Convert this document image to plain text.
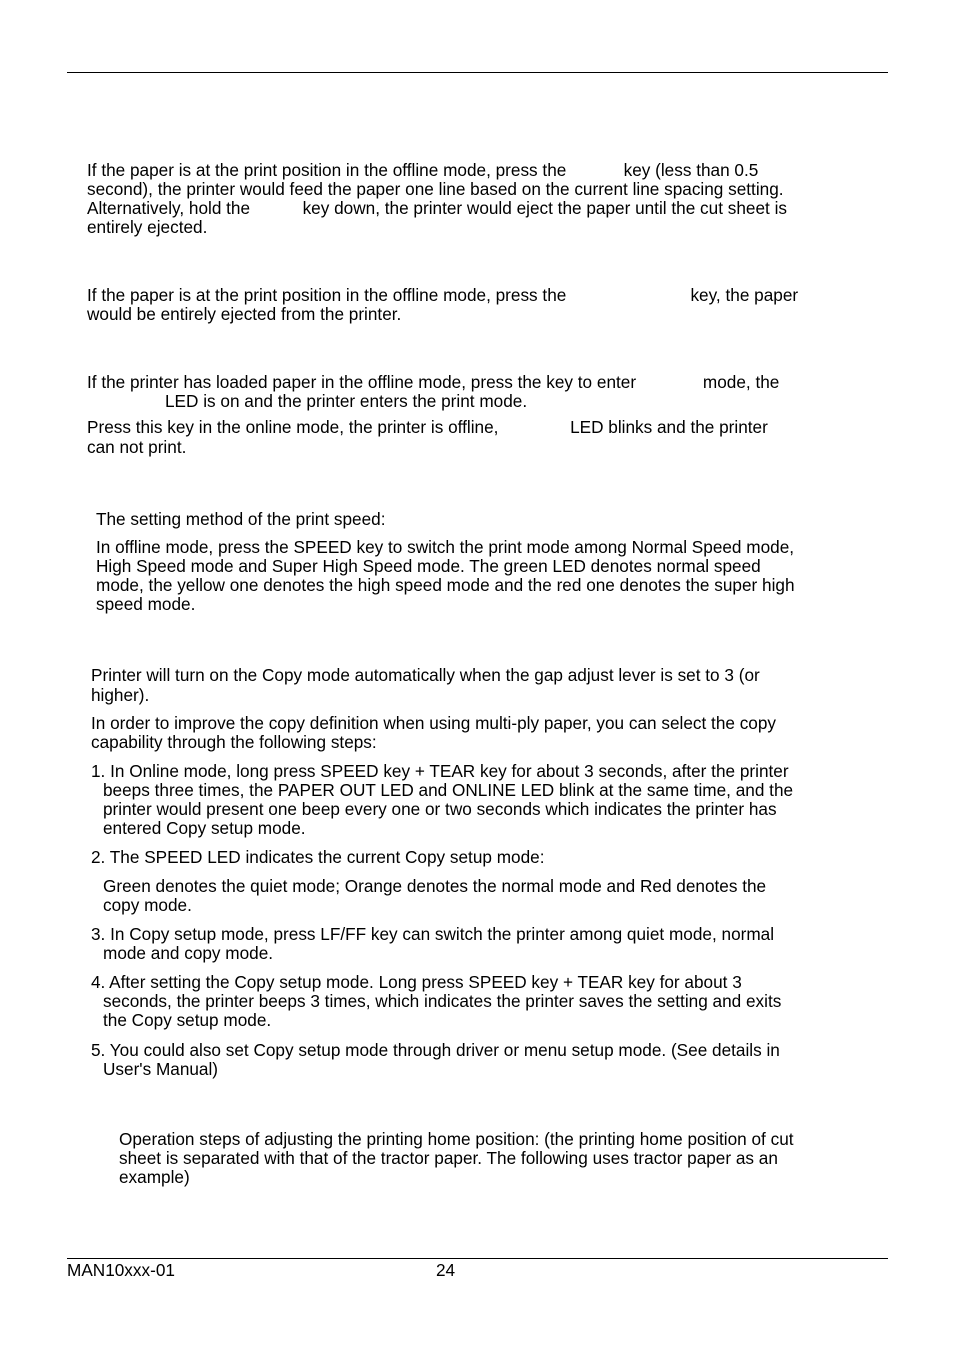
If the paper is at the print position in the offline mode, press the            key (less than 0.5
second), the printer would feed the paper one line based on the current line spacing setting.
Alternatively, hold the           key down, the printer would eject the paper until the cut sheet is
entirely ejected.
If the paper is at the print position in the offline mode, press the                          key, the paper
would be entirely ejected from the printer.
If the printer has loaded paper in the offline mode, press the key to enter              mode, the
LED is on and the printer enters the print mode.
Press this key in the online mode, the printer is offline,               LED blinks and the printer
can not print.
The setting method of the print speed:
In offline mode, press the SPEED key to switch the print mode among Normal Speed mode,
High Speed mode and Super High Speed mode. The green LED denotes normal speed
mode, the yellow one denotes the high speed mode and the red one denotes the super high
speed mode.
Printer will turn on the Copy mode automatically when the gap adjust lever is set to 3 (or
higher).
In order to improve the copy definition when using multi-ply paper, you can select the copy
capability through the following steps:
1. In Online mode, long press SPEED key + TEAR key for about 3 seconds, after the printer
beeps three times, the PAPER OUT LED and ONLINE LED blink at the same time, and the
printer would present one beep every one or two seconds which indicates the printer has
entered Copy setup mode.
2. The SPEED LED indicates the current Copy setup mode:
Green denotes the quiet mode; Orange denotes the normal mode and Red denotes the
copy mode.
3. In Copy setup mode, press LF/FF key can switch the printer among quiet mode, normal
mode and copy mode.
4. After setting the Copy setup mode. Long press SPEED key + TEAR key for about 3
seconds, the printer beeps 3 times, which indicates the printer saves the setting and exits
the Copy setup mode.
5. You could also set Copy setup mode through driver or menu setup mode. (See details in
User's Manual)
Operation steps of adjusting the printing home position: (the printing home position of cut
sheet is separated with that of the tractor paper. The following uses tractor paper as an
example)
MAN10xxx-01	24
